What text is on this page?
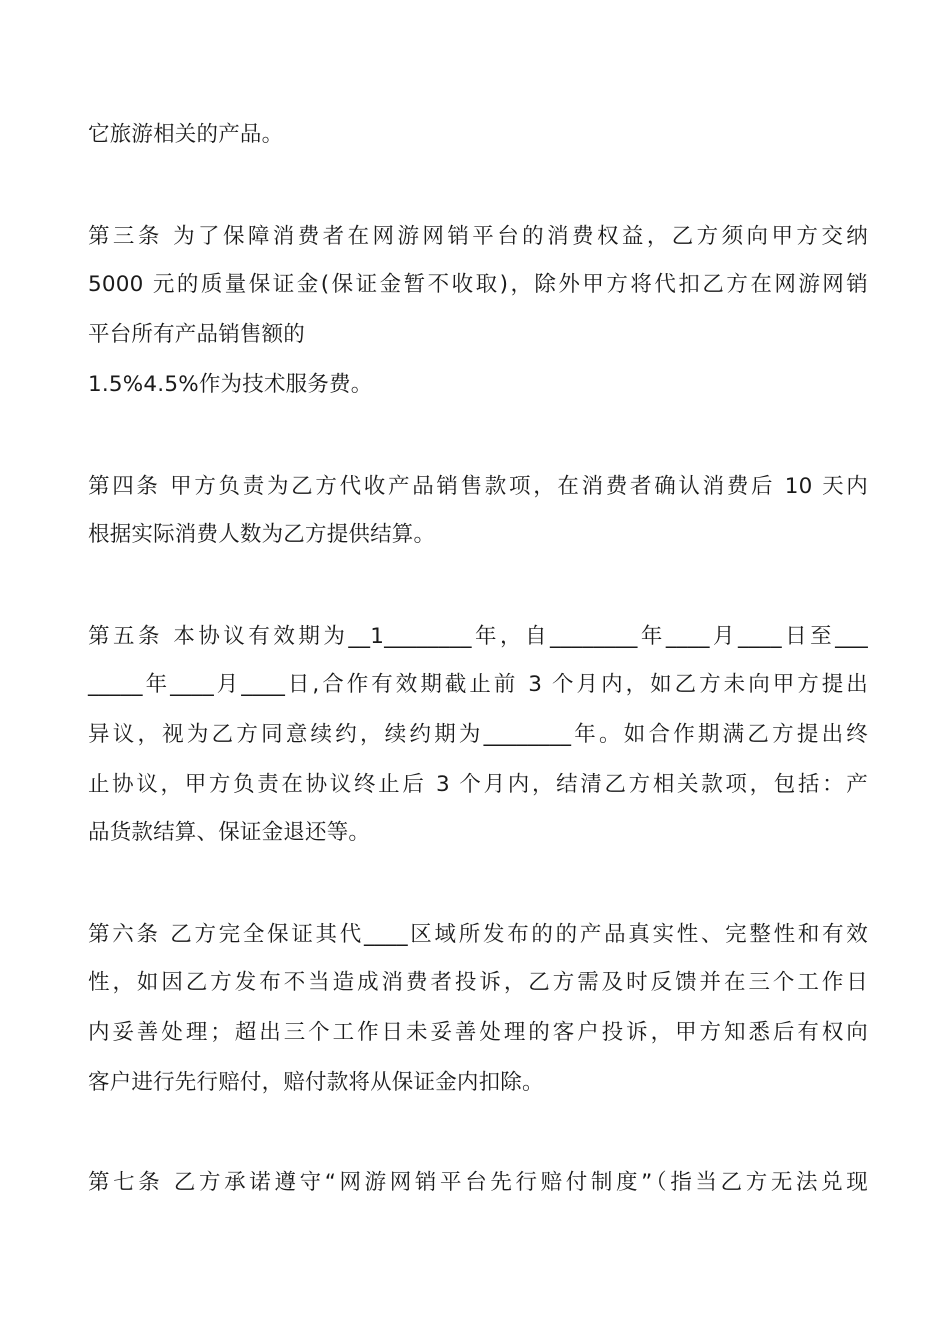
它旅游相关的产品。
第三条 为了保障消费者在网游网销平台的消费权益，乙方须向甲方交纳
5000 元的质量保证金(保证金暂不收取)，除外甲方将代扣乙方在网游网销
平台所有产品销售额的
1.5%4.5%作为技术服务费。
第四条 甲方负责为乙方代收产品销售款项，在消费者确认消费后 10 天内
根据实际消费人数为乙方提供结算。
第五条 本协议有效期为__1________年，自________年____月____日至___
_____年____月____日,合作有效期截止前 3 个月内，如乙方未向甲方提出
异议，视为乙方同意续约，续约期为________年。如合作期满乙方提出终
止协议，甲方负责在协议终止后 3 个月内，结清乙方相关款项，包括：产
品货款结算、保证金退还等。
第六条 乙方完全保证其代____区域所发布的的产品真实性、完整性和有效
性，如因乙方发布不当造成消费者投诉，乙方需及时反馈并在三个工作日
内妥善处理；超出三个工作日未妥善处理的客户投诉，甲方知悉后有权向
客户进行先行赔付，赔付款将从保证金内扣除。
第七条 乙方承诺遵守“网游网销平台先行赔付制度”（指当乙方无法兑现
